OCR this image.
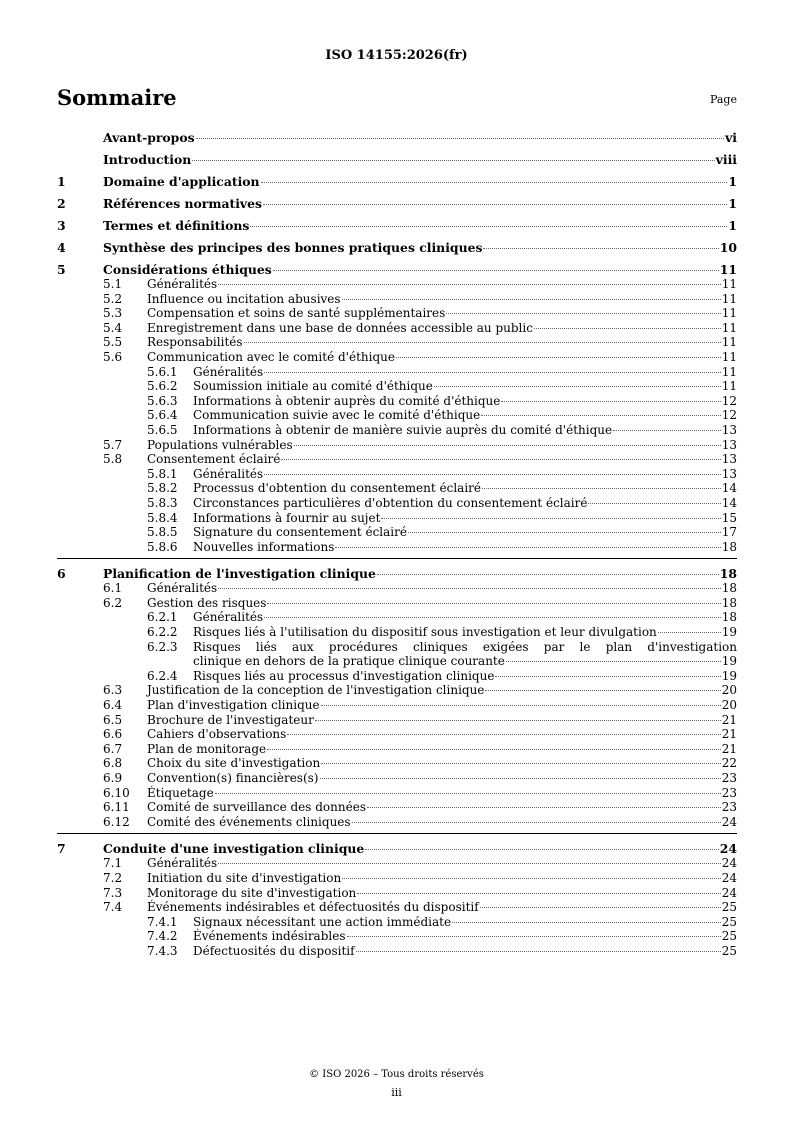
ISO 14155:2026(fr)
Sommaire	Page
Avant-propos	vi
Introduction	viii
1	Domaine d'application	1
2	Références normatives	1
3	Termes et définitions	1
4	Synthèse des principes des bonnes pratiques cliniques	10
5	Considérations éthiques	11
5.1	Généralités	11
5.2	Influence ou incitation abusives	11
5.3	Compensation et soins de santé supplémentaires	11
5.4	Enregistrement dans une base de données accessible au public	11
5.5	Responsabilités	11
5.6	Communication avec le comité d'éthique	11
5.6.1	Généralités	11
5.6.2	Soumission initiale au comité d'éthique	11
5.6.3	Informations à obtenir auprès du comité d'éthique	12
5.6.4	Communication suivie avec le comité d'éthique	12
5.6.5	Informations à obtenir de manière suivie auprès du comité d'éthique	13
5.7	Populations vulnérables	13
5.8	Consentement éclairé	13
5.8.1	Généralités	13
5.8.2	Processus d'obtention du consentement éclairé	14
5.8.3	Circonstances particulières d'obtention du consentement éclairé	14
5.8.4	Informations à fournir au sujet	15
5.8.5	Signature du consentement éclairé	17
5.8.6	Nouvelles informations	18
6	Planification de l'investigation clinique	18
6.1	Généralités	18
6.2	Gestion des risques	18
6.2.1	Généralités	18
6.2.2	Risques liés à l'utilisation du dispositif sous investigation et leur divulgation	19
6.2.3	Risques liés aux procédures cliniques exigées par le plan d'investigation
clinique en dehors de la pratique clinique courante	19
6.2.4	Risques liés au processus d'investigation clinique	19
6.3	Justification de la conception de l'investigation clinique	20
6.4	Plan d'investigation clinique	20
6.5	Brochure de l'investigateur	21
6.6	Cahiers d'observations	21
6.7	Plan de monitorage	21
6.8	Choix du site d'investigation	22
6.9	Convention(s) financières(s)	23
6.10	Étiquetage	23
6.11	Comité de surveillance des données	23
6.12	Comité des événements cliniques	24
7	Conduite d'une investigation clinique	24
7.1	Généralités	24
7.2	Initiation du site d'investigation	24
7.3	Monitorage du site d'investigation	24
7.4	Événements indésirables et défectuosités du dispositif	25
7.4.1	Signaux nécessitant une action immédiate	25
7.4.2	Événements indésirables	25
7.4.3	Défectuosités du dispositif	25
© ISO 2026 – Tous droits réservés
iii
